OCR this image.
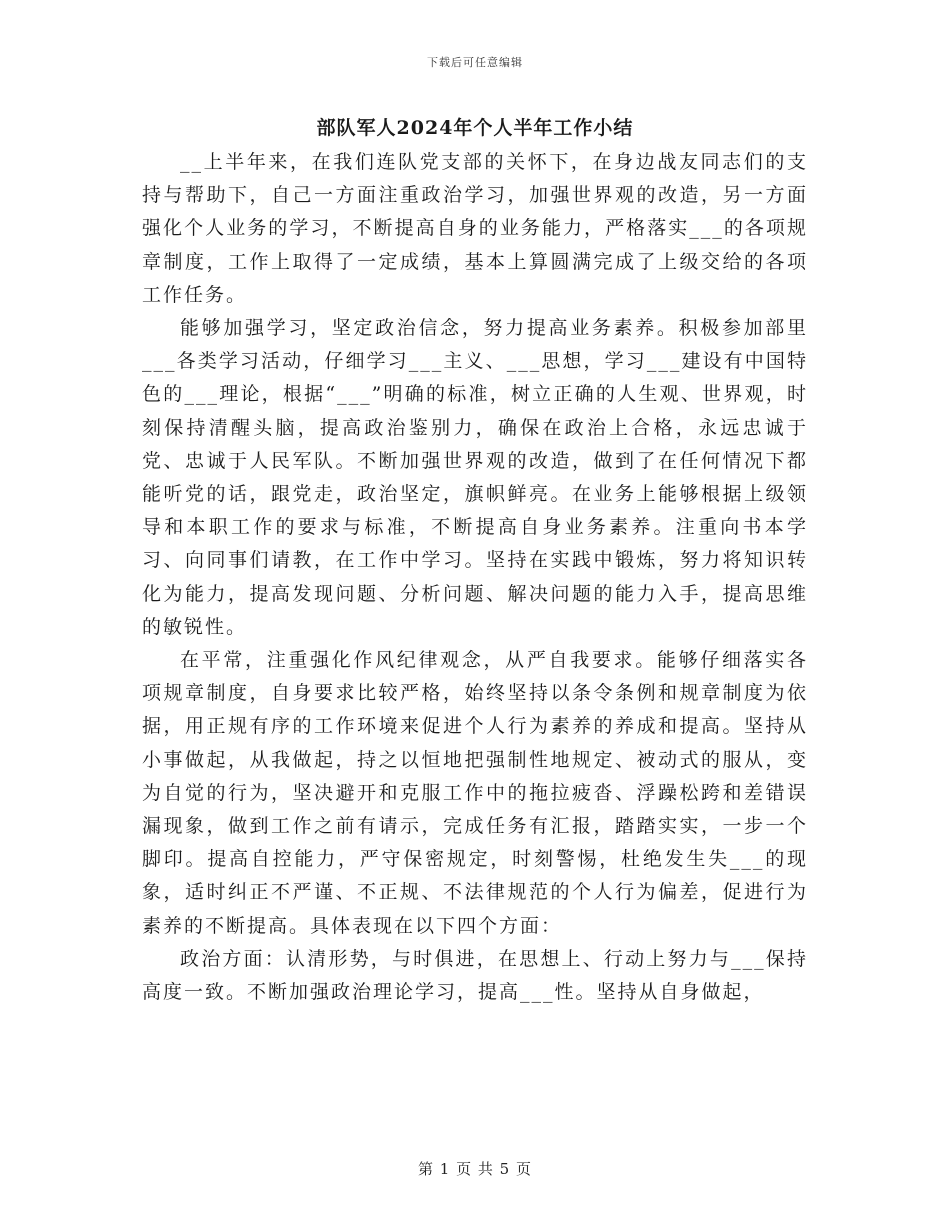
下载后可任意编辑
部队军人2024年个人半年工作小结

__上半年来，在我们连队党支部的关怀下，在身边战友同志们的支持与帮助下，自己一方面注重政治学习，加强世界观的改造，另一方面强化个人业务的学习，不断提高自身的业务能力，严格落实___的各项规章制度，工作上取得了一定成绩，基本上算圆满完成了上级交给的各项工作任务。

能够加强学习，坚定政治信念，努力提高业务素养。积极参加部里___各类学习活动，仔细学习___主义、___思想，学习___建设有中国特色的___理论，根据“___”明确的标准，树立正确的人生观、世界观，时刻保持清醒头脑，提高政治鉴别力，确保在政治上合格，永远忠诚于党、忠诚于人民军队。不断加强世界观的改造，做到了在任何情况下都能听党的话，跟党走，政治坚定，旗帜鲜亮。在业务上能够根据上级领导和本职工作的要求与标准，不断提高自身业务素养。注重向书本学习、向同事们请教，在工作中学习。坚持在实践中锻炼，努力将知识转化为能力，提高发现问题、分析问题、解决问题的能力入手，提高思维的敏锐性。

在平常，注重强化作风纪律观念，从严自我要求。能够仔细落实各项规章制度，自身要求比较严格，始终坚持以条令条例和规章制度为依据，用正规有序的工作环境来促进个人行为素养的养成和提高。坚持从小事做起，从我做起，持之以恒地把强制性地规定、被动式的服从，变为自觉的行为，坚决避开和克服工作中的拖拉疲沓、浮躁松跨和差错误漏现象，做到工作之前有请示，完成任务有汇报，踏踏实实，一步一个脚印。提高自控能力，严守保密规定，时刻警惕，杜绝发生失___的现象，适时纠正不严谨、不正规、不法律规范的个人行为偏差，促进行为素养的不断提高。具体表现在以下四个方面：

政治方面：认清形势，与时俱进，在思想上、行动上努力与___保持高度一致。不断加强政治理论学习，提高___性。坚持从自身做起，

第 1 页 共 5 页
